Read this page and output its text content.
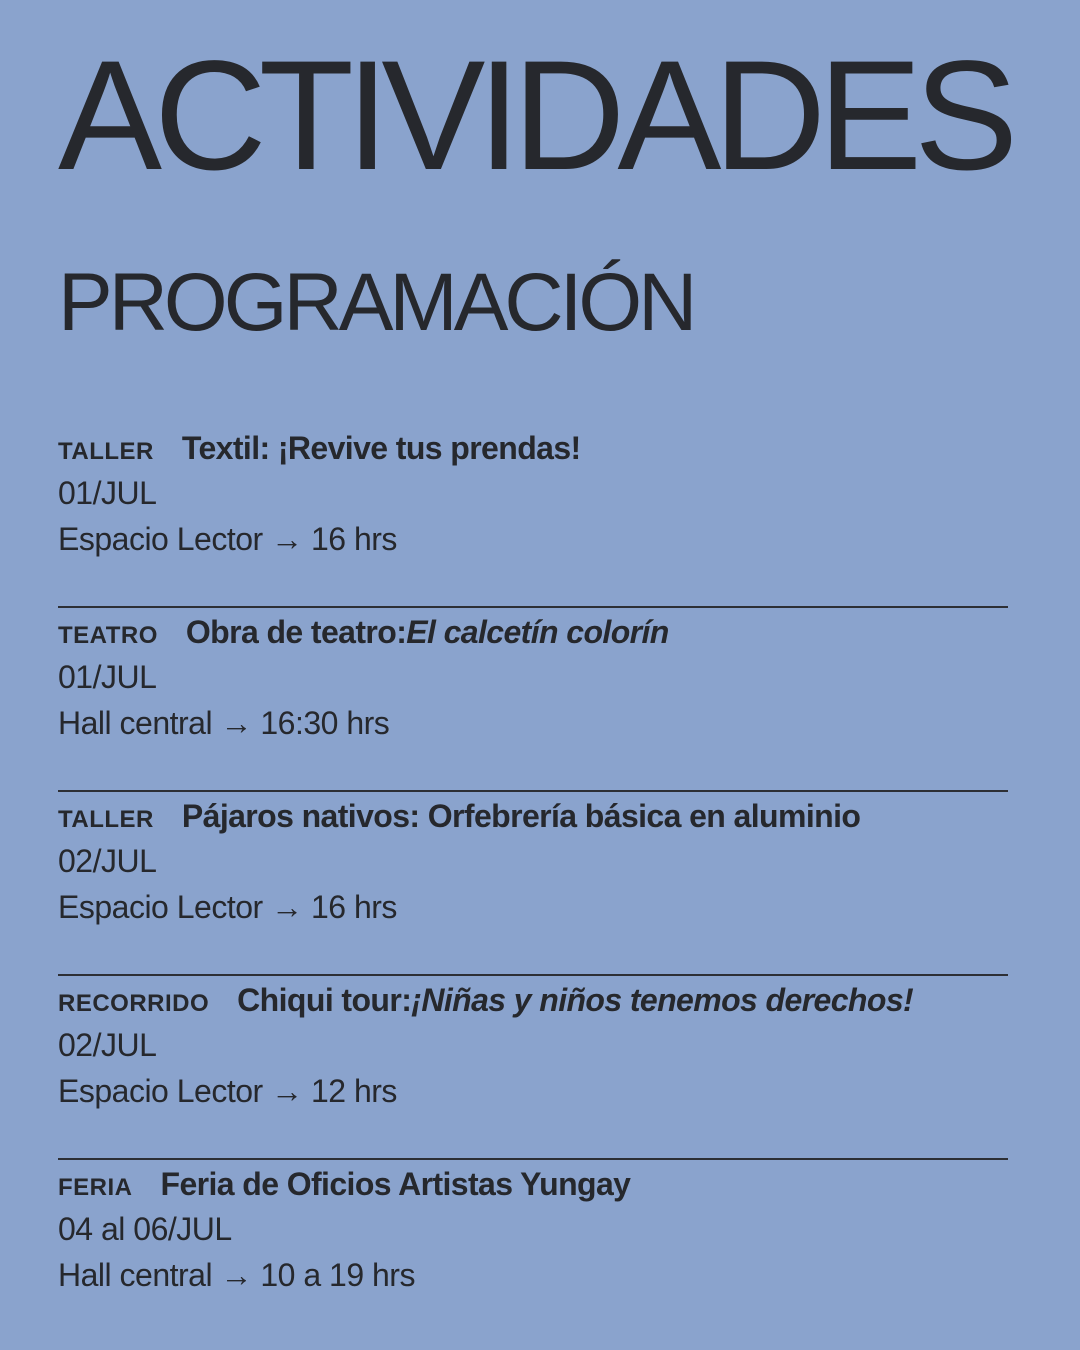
ACTIVIDADES
PROGRAMACIÓN
TALLER Textil: ¡Revive tus prendas!
01/JUL
Espacio Lector → 16 hrs
TEATRO Obra de teatro: El calcetín colorín
01/JUL
Hall central → 16:30 hrs
TALLER Pájaros nativos: Orfebrería básica en aluminio
02/JUL
Espacio Lector → 16 hrs
RECORRIDO Chiqui tour: ¡Niñas y niños tenemos derechos!
02/JUL
Espacio Lector → 12 hrs
FERIA Feria de Oficios Artistas Yungay
04 al 06/JUL
Hall central → 10 a 19 hrs
